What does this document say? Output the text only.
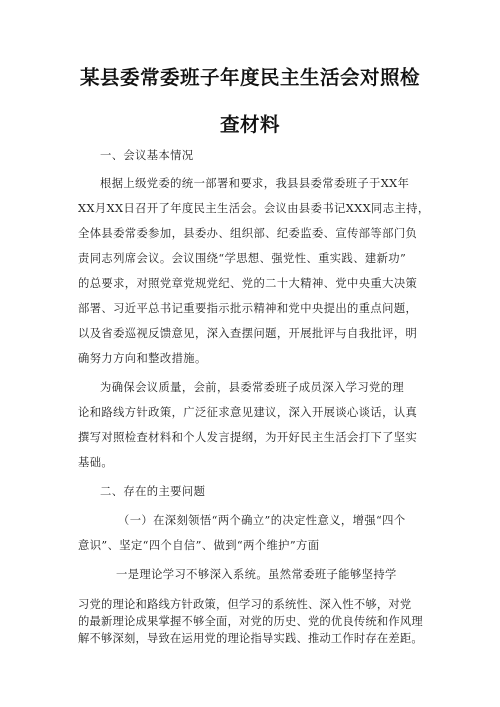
某县委常委班子年度民主生活会对照检
查材料
一、会议基本情况
根据上级党委的统一部署和要求，我县县委常委班子于XX年
XX月XX日召开了年度民主生活会。会议由县委书记XXX同志主持，
全体县委常委参加，县委办、组织部、纪委监委、宣传部等部门负
责同志列席会议。会议围绕“学思想、强党性、重实践、建新功”
的总要求，对照党章党规党纪、党的二十大精神、党中央重大决策
部署、习近平总书记重要指示批示精神和党中央提出的重点问题，
以及省委巡视反馈意见，深入查摆问题，开展批评与自我批评，明
确努力方向和整改措施。
为确保会议质量，会前，县委常委班子成员深入学习党的理
论和路线方针政策，广泛征求意见建议，深入开展谈心谈话，认真
撰写对照检查材料和个人发言提纲，为开好民主生活会打下了坚实
基础。
二、存在的主要问题
（一）在深刻领悟“两个确立”的决定性意义，增强“四个
意识”、坚定“四个自信”、做到“两个维护”方面
一是理论学习不够深入系统。虽然常委班子能够坚持学
习党的理论和路线方针政策，但学习的系统性、深入性不够，对党
的最新理论成果掌握不够全面，对党的历史、党的优良传统和作风理
解不够深刻，导致在运用党的理论指导实践、推动工作时存在差距。
